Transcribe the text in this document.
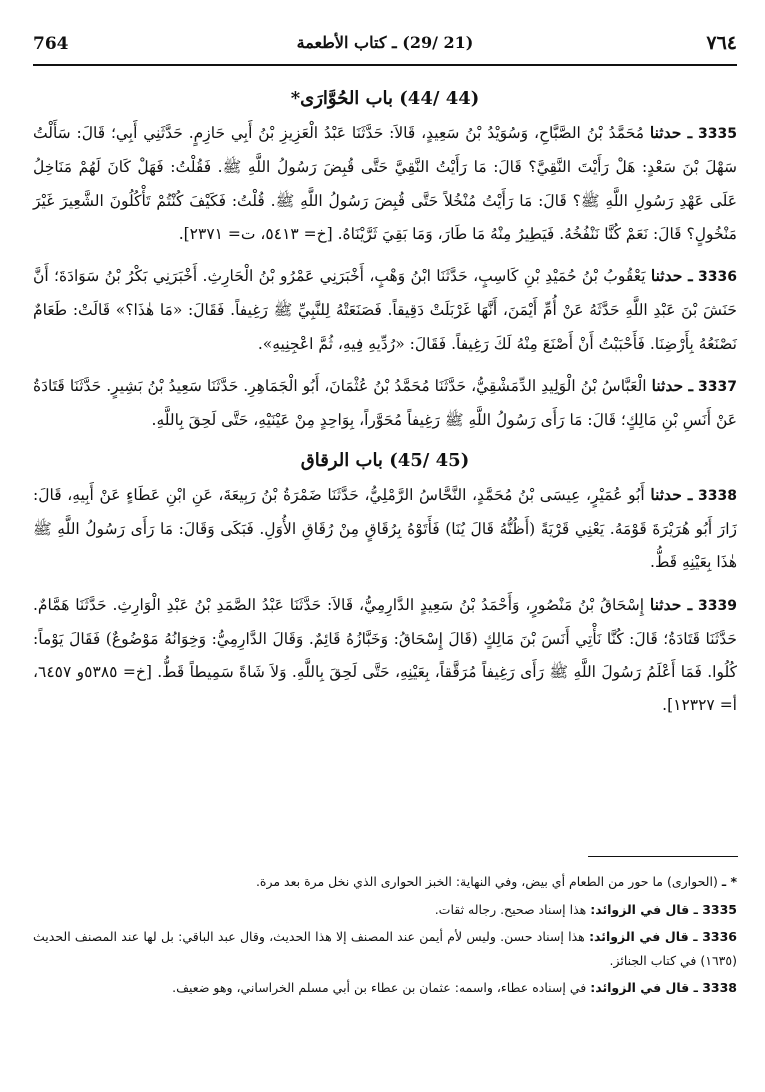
764	(21 /29) ـ كتاب الأطعمة	٧٦٤
(44 /44) باب الحُوَّارَى*

3335 ـ حدثنا مُحَمَّدُ بْنُ الصَّبَّاحِ، وَسُوَيْدُ بْنُ سَعِيدٍ، قَالاَ: حَدَّثَنَا عَبْدُ الْعَزِيزِ بْنُ أَبِي حَازِمٍ. حَدَّثَنِي أَبِي؛ قَالَ: سَأَلْتُ سَهْلَ بْنَ سَعْدٍ: هَلْ رَأَيْتَ النَّقِيَّ؟ قَالَ: مَا رَأَيْتُ النَّقِيَّ حَتَّى قُبِضَ رَسُولُ اللَّهِ ﷺ. فَقُلْتُ: فَهَلْ كَانَ لَهُمْ مَنَاخِلُ عَلَى عَهْدِ رَسُولِ اللَّهِ ﷺ؟ قَالَ: مَا رَأَيْتُ مُنْخُلاً حَتَّى قُبِضَ رَسُولُ اللَّهِ ﷺ. قُلْتُ: فَكَيْفَ كُنْتُمْ تَأْكُلُونَ الشَّعِيرَ غَيْرَ مَنْخُولٍ؟ قَالَ: نَعَمْ كُنَّا نَنْفُخُهُ. فَيَطِيرُ مِنْهُ مَا طَارَ، وَمَا بَقِيَ ثَرَّيْنَاهُ. [خ= ٥٤١٣، ت= ٢٣٧١].

3336 ـ حدثنا يَعْقُوبُ بْنُ حُمَيْدِ بْنِ كَاسِبٍ، حَدَّثَنَا ابْنُ وَهْبٍ، أَخْبَرَنِي عَمْرُو بْنُ الْحَارِثِ. أَخْبَرَنِي بَكْرُ بْنُ سَوَادَةَ؛ أَنَّ حَنَشَ بْنَ عَبْدِ اللَّهِ حَدَّثَهُ عَنْ أُمِّ أَيْمَنَ، أَنَّهَا غَرْبَلَتْ دَقِيقاً. فَصَنَعَتْهُ لِلنَّبِيِّ ﷺ رَغِيفاً. فَقَالَ: «مَا هٰذَا؟» قَالَتْ: طَعَامٌ نَصْنَعُهُ بِأَرْضِنَا. فَأَحْبَبْتُ أَنْ أَصْنَعَ مِنْهُ لَكَ رَغِيفاً. فَقَالَ: «رُدِّيهِ فِيهِ، ثُمَّ اعْجِنِيهِ».

3337 ـ حدثنا الْعَبَّاسُ بْنُ الْوَلِيدِ الدِّمَشْقِيُّ، حَدَّثَنَا مُحَمَّدُ بْنُ عُثْمَانَ، أَبُو الْجَمَاهِرِ. حَدَّثَنَا سَعِيدُ بْنُ بَشِيرٍ. حَدَّثَنَا قَتَادَةُ عَنْ أَنَسِ بْنِ مَالِكٍ؛ قَالَ: مَا رَأَى رَسُولُ اللَّهِ ﷺ رَغِيفاً مُحَوَّراً، بِوَاحِدٍ مِنْ عَيْنَيْهِ، حَتَّى لَحِقَ بِاللَّهِ.

(45 /45) باب الرقاق

3338 ـ حدثنا أَبُو عُمَيْرٍ، عِيسَى بْنُ مُحَمَّدٍ، النَّحَّاسُ الرَّمْلِيُّ، حَدَّثَنَا ضَمْرَةُ بْنُ رَبِيعَةَ، عَنِ ابْنِ عَطَاءٍ عَنْ أَبِيهِ، قَالَ: زَارَ أَبُو هُرَيْرَةَ قَوْمَهُ. يَعْنِي قَرْيَةً (أَظُنُّهُ قَالَ يُنَا) فَأَتَوْهُ بِرُقَاقٍ مِنْ رُقَاقِ الأُوَلِ. فَبَكَى وَقَالَ: مَا رَأَى رَسُولُ اللَّهِ ﷺ هٰذَا بِعَيْنِهِ قَطُّ.

3339 ـ حدثنا إِسْحَاقُ بْنُ مَنْصُورٍ، وَأَحْمَدُ بْنُ سَعِيدٍ الدَّارِمِيُّ، قَالاَ: حَدَّثَنَا عَبْدُ الصَّمَدِ بْنُ عَبْدِ الْوَارِثِ. حَدَّثَنَا هَمَّامٌ. حَدَّثَنَا قَتَادَةُ؛ قَالَ: كُنَّا نَأْتِي أَنَسَ بْنَ مَالِكٍ (قَالَ إِسْحَاقُ: وَخَبَّازُهُ قَائِمٌ. وَقَالَ الدَّارِمِيُّ: وَخِوَانُهُ مَوْضُوعٌ) فَقَالَ يَوْماً: كُلُوا. فَمَا أَعْلَمُ رَسُولَ اللَّهِ ﷺ رَأَى رَغِيفاً مُرَقَّقاً، بِعَيْنِهِ، حَتَّى لَحِقَ بِاللَّهِ. وَلاَ شَاةً سَمِيطاً قَطُّ. [خ= ٥٣٨٥و ٦٤٥٧، أ= ١٢٣٢٧].

* ـ (الحوارى) ما حور من الطعام أي بيض، وفي النهاية: الخبز الحوارى الذي نخل مرة بعد مرة.
3335 ـ قال في الزوائد: هذا إسناد صحيح. رجاله ثقات.
3336 ـ قال في الزوائد: هذا إسناد حسن. وليس لأم أيمن عند المصنف إلا هذا الحديث، وقال عبد الباقي: بل لها عند المصنف الحديث (١٦٣٥) في كتاب الجنائز.
3338 ـ قال في الزوائد: في إسناده عطاء، واسمه: عثمان بن عطاء بن أبي مسلم الخراساني، وهو ضعيف.
